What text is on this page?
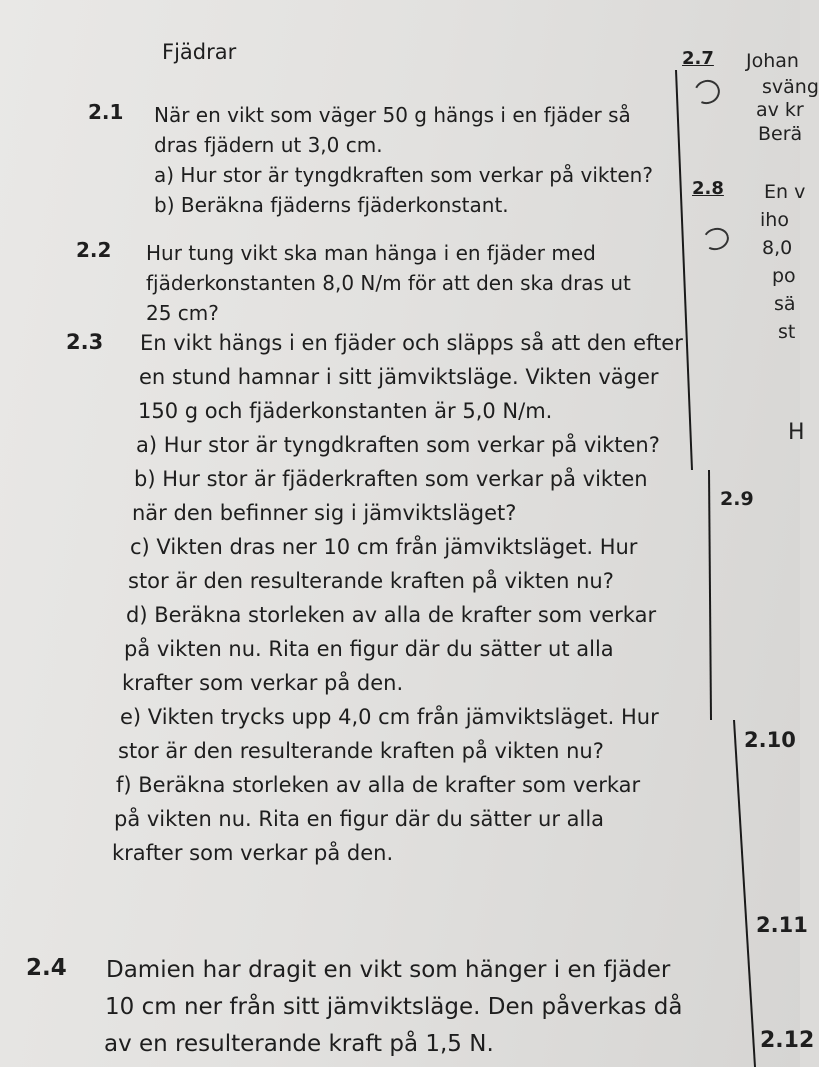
Fjädrar
2.1 När en vikt som väger 50 g hängs i en fjäder så
dras fjädern ut 3,0 cm.
a) Hur stor är tyngdkraften som verkar på vikten?
b) Beräkna fjäderns fjäderkonstant.
2.2 Hur tung vikt ska man hänga i en fjäder med
fjäderkonstanten 8,0 N/m för att den ska dras ut
25 cm?
2.3 En vikt hängs i en fjäder och släpps så att den efter
en stund hamnar i sitt jämviktsläge. Vikten väger
150 g och fjäderkonstanten är 5,0 N/m.
a) Hur stor är tyngdkraften som verkar på vikten?
b) Hur stor är fjäderkraften som verkar på vikten
när den befinner sig i jämviktsläget?
c) Vikten dras ner 10 cm från jämviktsläget. Hur
stor är den resulterande kraften på vikten nu?
d) Beräkna storleken av alla de krafter som verkar
på vikten nu. Rita en figur där du sätter ut alla
krafter som verkar på den.
e) Vikten trycks upp 4,0 cm från jämviktsläget. Hur
stor är den resulterande kraften på vikten nu?
f) Beräkna storleken av alla de krafter som verkar
på vikten nu. Rita en figur där du sätter ur alla
krafter som verkar på den.
2.4 Damien har dragit en vikt som hänger i en fjäder
10 cm ner från sitt jämviktsläge. Den påverkas då
av en resulterande kraft på 1,5 N.
2.7 Johan
sväng
av kr
Berä
2.8 En v
iho
8,0
po
sä
st
H
2.9
2.10
2.11
2.12
